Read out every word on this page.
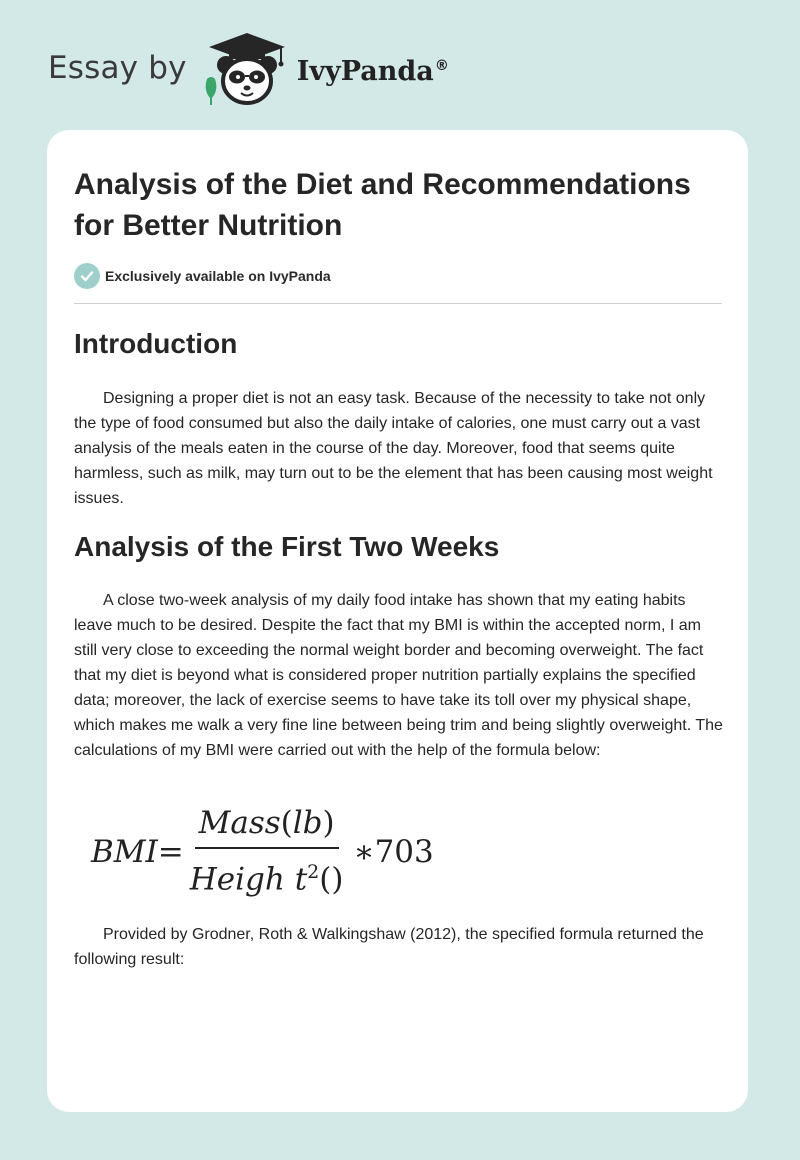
Essay by	IvyPanda®
Analysis of the Diet and Recommendations for Better Nutrition
Exclusively available on IvyPanda
Introduction

Designing a proper diet is not an easy task. Because of the necessity to take not only the type of food consumed but also the daily intake of calories, one must carry out a vast analysis of the meals eaten in the course of the day. Moreover, food that seems quite harmless, such as milk, may turn out to be the element that has been causing most weight issues.

Analysis of the First Two Weeks

A close two-week analysis of my daily food intake has shown that my eating habits leave much to be desired. Despite the fact that my BMI is within the accepted norm, I am still very close to exceeding the normal weight border and becoming overweight. The fact that my diet is beyond what is considered proper nutrition partially explains the specified data; moreover, the lack of exercise seems to have take its toll over my physical shape, which makes me walk a very fine line between being trim and being slightly overweight. The calculations of my BMI were carried out with the help of the formula below:

$BMI= \frac{\text{Mass(lb)}}{Heigh t^2()}$ ∗703

Provided by Grodner, Roth & Walkingshaw (2012), the specified formula returned the following result:
